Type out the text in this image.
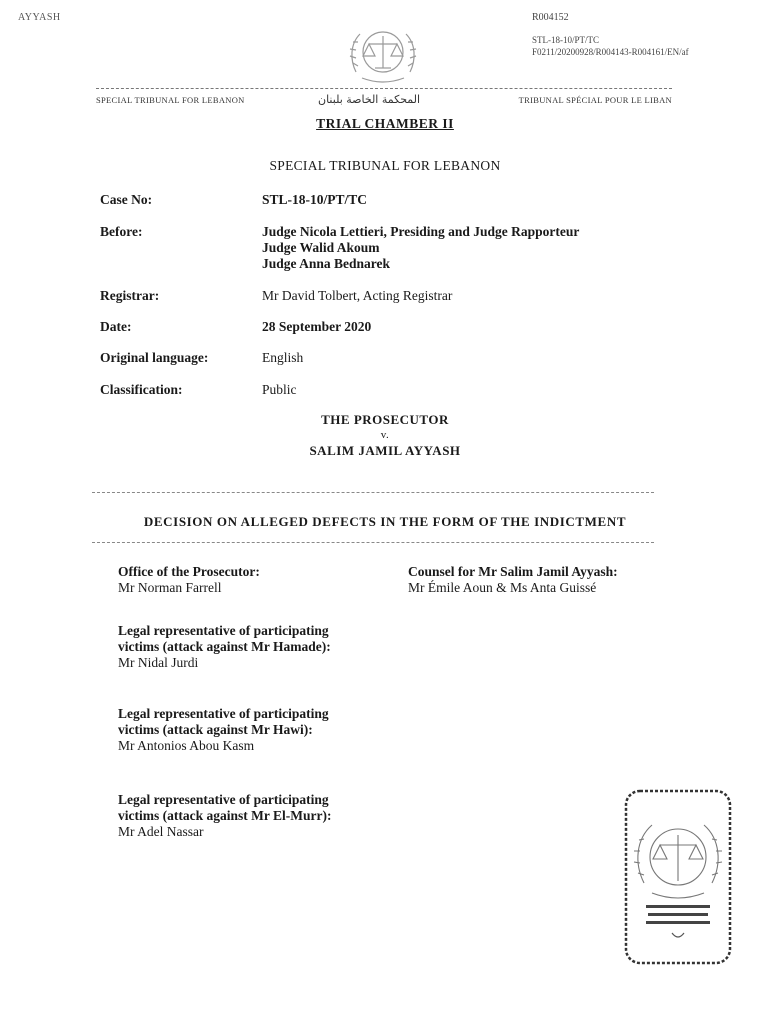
AYYASH	R004152
STL-18-10/PT/TC
F0211/20200928/R004143-R004161/EN/af
SPECIAL TRIBUNAL FOR LEBANON	المحكمة الخاصة بلبنان	TRIBUNAL SPÉCIAL POUR LE LIBAN
TRIAL CHAMBER II
SPECIAL TRIBUNAL FOR LEBANON
Case No:	STL-18-10/PT/TC
Before:	Judge Nicola Lettieri, Presiding and Judge Rapporteur
Judge Walid Akoum
Judge Anna Bednarek
Registrar:	Mr David Tolbert, Acting Registrar
Date:	28 September 2020
Original language:	English
Classification:	Public
THE PROSECUTOR
v.
SALIM JAMIL AYYASH
DECISION ON ALLEGED DEFECTS IN THE FORM OF THE INDICTMENT
Office of the Prosecutor:
Mr Norman Farrell
Counsel for Mr Salim Jamil Ayyash:
Mr Émile Aoun & Ms Anta Guissé
Legal representative of participating
victims (attack against Mr Hamade):
Mr Nidal Jurdi
Legal representative of participating
victims (attack against Mr Hawi):
Mr Antonios Abou Kasm
Legal representative of participating
victims (attack against Mr El-Murr):
Mr Adel Nassar
